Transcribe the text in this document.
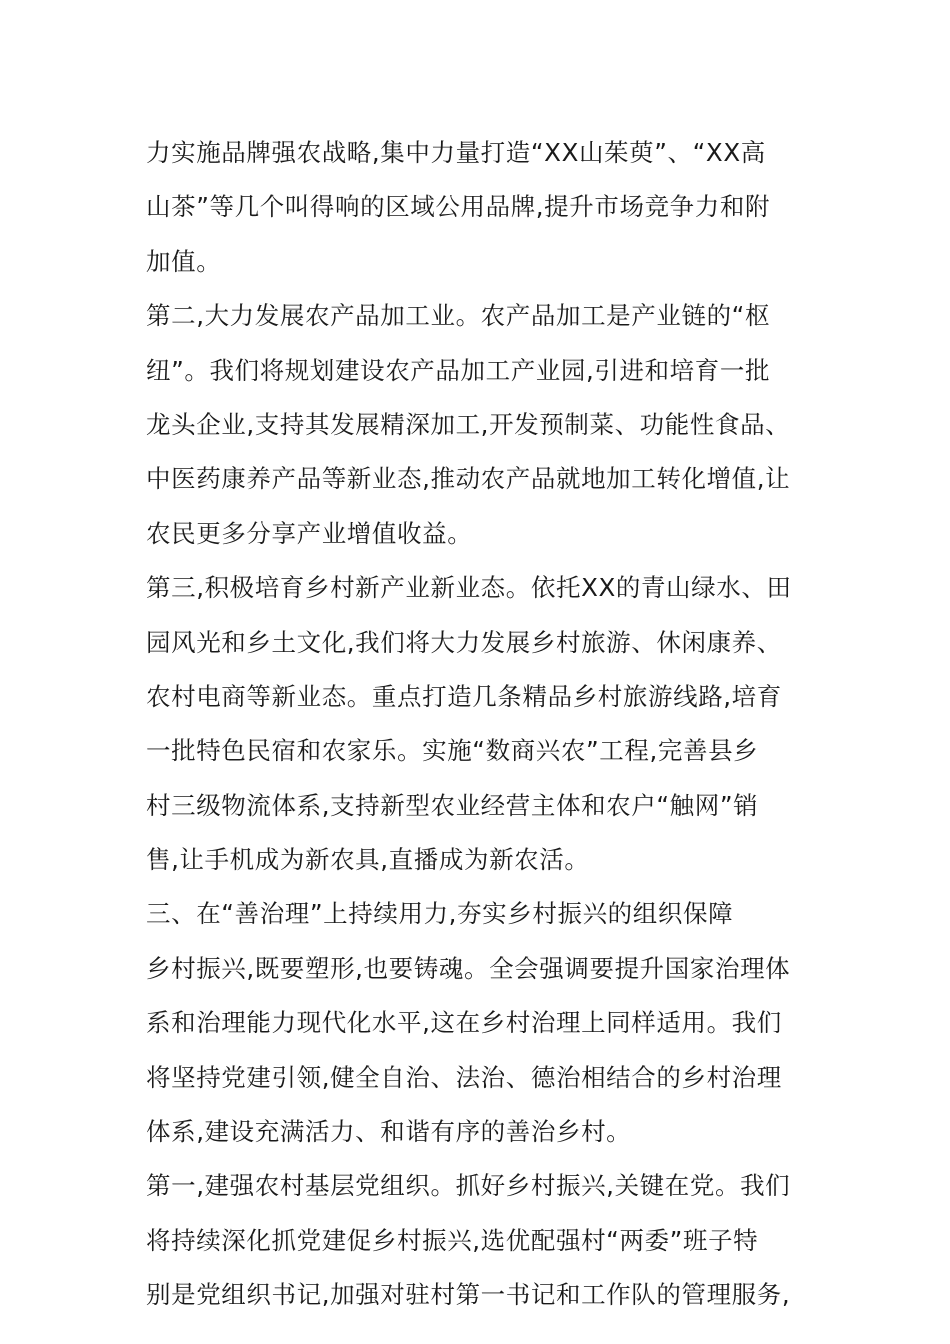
力实施品牌强农战略,集中力量打造“XX山茱萸”、“XX高
山茶”等几个叫得响的区域公用品牌,提升市场竞争力和附
加值。
第二,大力发展农产品加工业。农产品加工是产业链的“枢
纽”。我们将规划建设农产品加工产业园,引进和培育一批
龙头企业,支持其发展精深加工,开发预制菜、功能性食品、
中医药康养产品等新业态,推动农产品就地加工转化增值,让
农民更多分享产业增值收益。
第三,积极培育乡村新产业新业态。依托XX的青山绿水、田
园风光和乡土文化,我们将大力发展乡村旅游、休闲康养、
农村电商等新业态。重点打造几条精品乡村旅游线路,培育
一批特色民宿和农家乐。实施“数商兴农”工程,完善县乡
村三级物流体系,支持新型农业经营主体和农户“触网”销
售,让手机成为新农具,直播成为新农活。
三、在“善治理”上持续用力,夯实乡村振兴的组织保障
乡村振兴,既要塑形,也要铸魂。全会强调要提升国家治理体
系和治理能力现代化水平,这在乡村治理上同样适用。我们
将坚持党建引领,健全自治、法治、德治相结合的乡村治理
体系,建设充满活力、和谐有序的善治乡村。
第一,建强农村基层党组织。抓好乡村振兴,关键在党。我们
将持续深化抓党建促乡村振兴,选优配强村“两委”班子特
别是党组织书记,加强对驻村第一书记和工作队的管理服务,
